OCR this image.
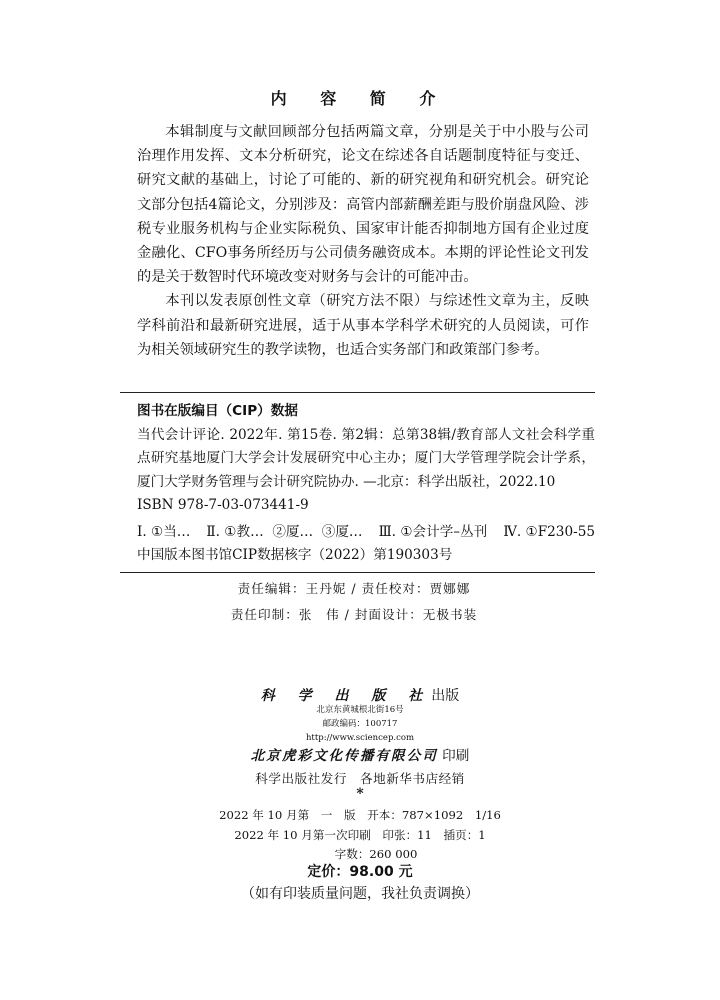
内 容 简 介

本辑制度与文献回顾部分包括两篇文章，分别是关于中小股与公司治理作用发挥、文本分析研究，论文在综述各自话题制度特征与变迁、研究文献的基础上，讨论了可能的、新的研究视角和研究机会。研究论文部分包括4篇论文，分别涉及：高管内部薪酬差距与股价崩盘风险、涉税专业服务机构与企业实际税负、国家审计能否抑制地方国有企业过度金融化、CFO事务所经历与公司债务融资成本。本期的评论性论文刊发的是关于数智时代环境改变对财务与会计的可能冲击。

本刊以发表原创性文章（研究方法不限）与综述性文章为主，反映学科前沿和最新研究进展，适于从事本学科学术研究的人员阅读，可作为相关领域研究生的教学读物，也适合实务部门和政策部门参考。

图书在版编目（CIP）数据
当代会计评论. 2022年. 第15卷. 第2辑：总第38辑/教育部人文社会科学重点研究基地厦门大学会计发展研究中心主办；厦门大学管理学院会计学系，厦门大学财务管理与会计研究院协办. —北京：科学出版社，2022.10
ISBN 978-7-03-073441-9
Ⅰ. ①当… Ⅱ. ①教…  ②厦…  ③厦… Ⅲ. ①会计学–丛刊 Ⅳ. ①F230-55
中国版本图书馆CIP数据核字（2022）第190303号
责任编辑：王丹妮 / 责任校对：贾娜娜
责任印制：张　伟 / 封面设计：无极书装
科 学 出 版 社出版
北京东黄城根北街16号
邮政编码：100717
http://www.sciencep.com
北京虎彩文化传播有限公司 印刷
科学出版社发行　各地新华书店经销
*
2022 年 10 月第　一　版　开本：787×1092　1/16
2022 年 10 月第一次印刷　印张：11　插页：1
字数：260 000
定价：98.00 元
（如有印装质量问题，我社负责调换）
